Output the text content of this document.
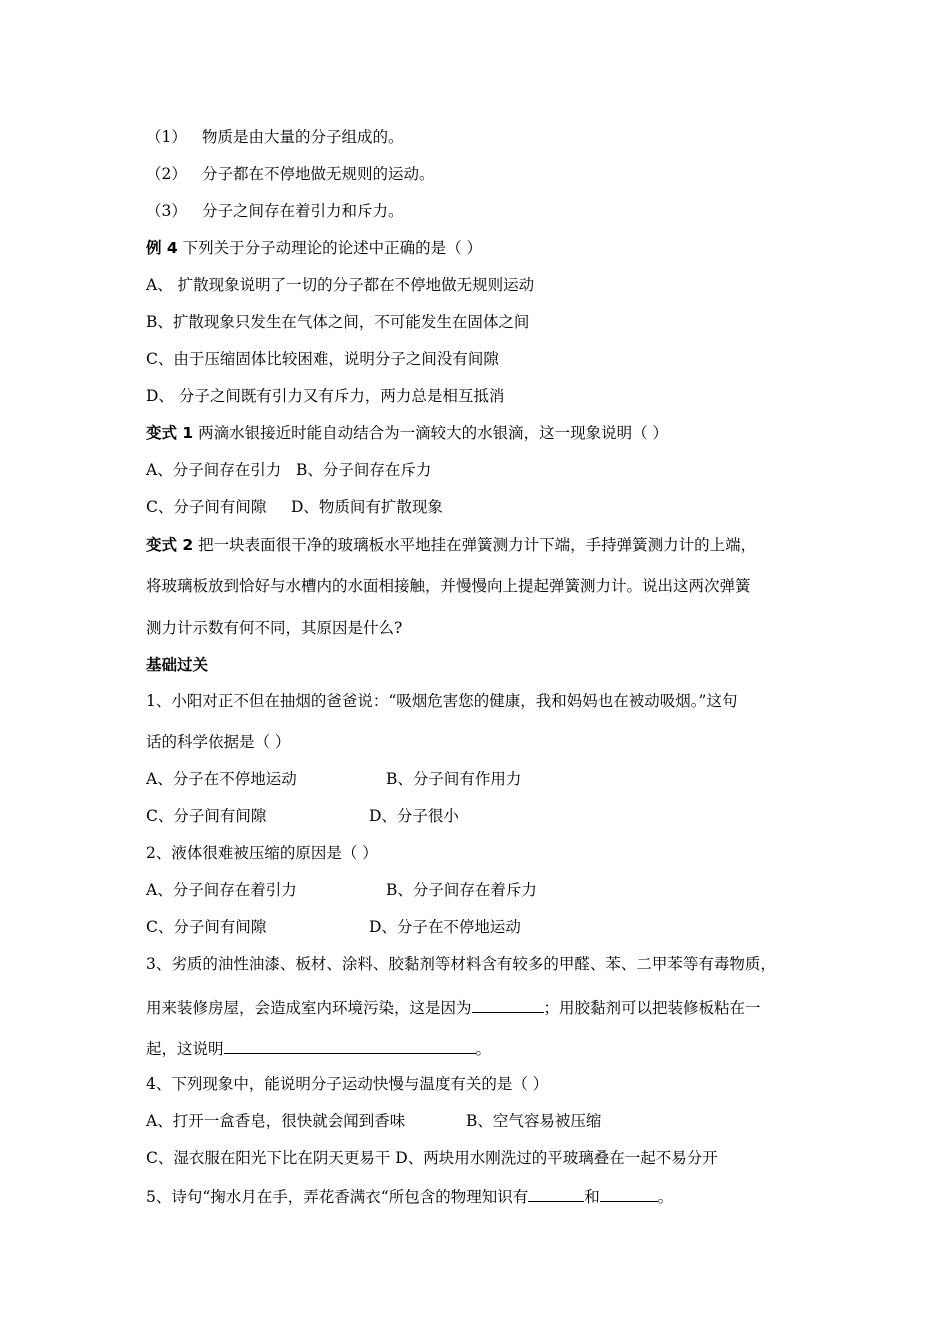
（1） 物质是由大量的分子组成的。
（2） 分子都在不停地做无规则的运动。
（3） 分子之间存在着引力和斥力。
例 4 下列关于分子动理论的论述中正确的是（ ）
A、 扩散现象说明了一切的分子都在不停地做无规则运动
B、扩散现象只发生在气体之间，不可能发生在固体之间
C、由于压缩固体比较困难，说明分子之间没有间隙
D、 分子之间既有引力又有斥力，两力总是相互抵消
变式 1 两滴水银接近时能自动结合为一滴较大的水银滴，这一现象说明（ ）
A、分子间存在引力   B、分子间存在斥力
C、分子间有间隙     D、物质间有扩散现象
变式 2 把一块表面很干净的玻璃板水平地挂在弹簧测力计下端，手持弹簧测力计的上端，
将玻璃板放到恰好与水槽内的水面相接触，并慢慢向上提起弹簧测力计。说出这两次弹簧
测力计示数有何不同，其原因是什么?
基础过关
1、小阳对正不但在抽烟的爸爸说：“吸烟危害您的健康，我和妈妈也在被动吸烟。”这句
话的科学依据是（ ）
A、分子在不停地运动	B、分子间有作用力
C、分子间有间隙	D、分子很小
2、液体很难被压缩的原因是（ ）
A、分子间存在着引力	B、分子间存在着斥力
C、分子间有间隙	D、分子在不停地运动
3、劣质的油性油漆、板材、涂料、胶黏剂等材料含有较多的甲醛、苯、二甲苯等有毒物质，
用来装修房屋，会造成室内环境污染，这是因为	；用胶黏剂可以把装修板粘在一
起，这说明	。
4、下列现象中，能说明分子运动快慢与温度有关的是（ ）
A、打开一盒香皂，很快就会闻到香味	B、空气容易被压缩
C、湿衣服在阳光下比在阴天更易干 D、两块用水刚洗过的平玻璃叠在一起不易分开
5、诗句“掬水月在手，弄花香满衣“所包含的物理知识有	和	。
